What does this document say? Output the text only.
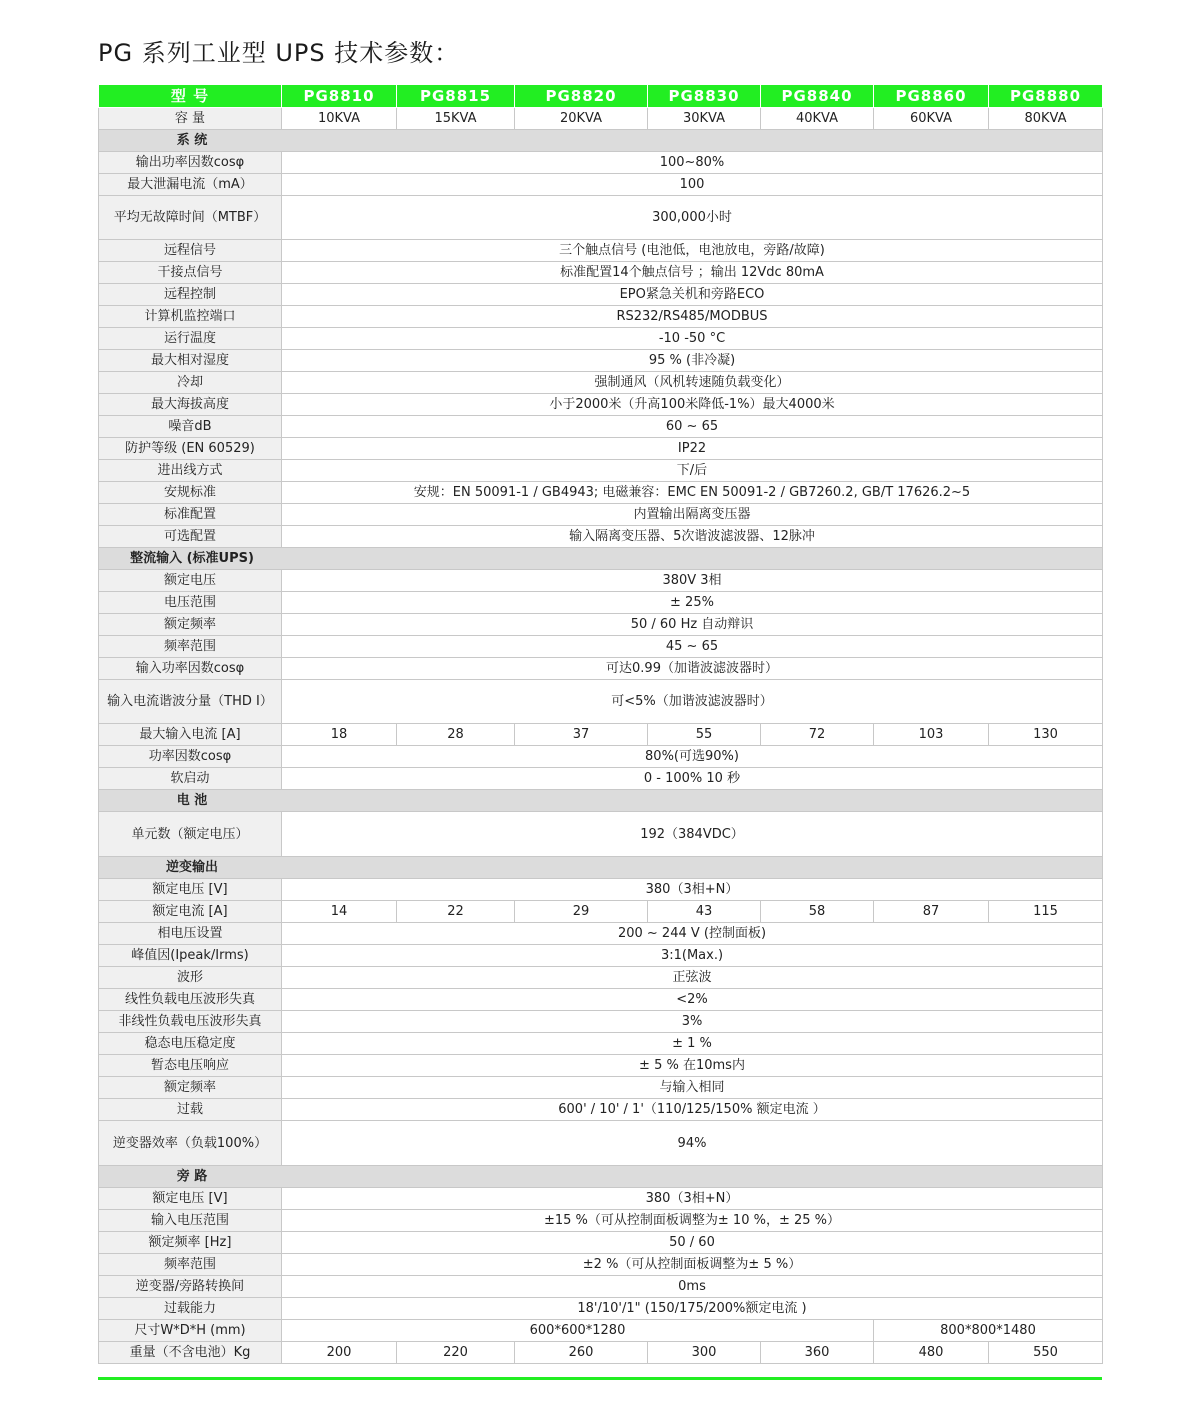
PG 系列工业型 UPS 技术参数：
型 号	PG8810	PG8815	PG8820	PG8830	PG8840	PG8860	PG8880
容 量	10KVA	15KVA	20KVA	30KVA	40KVA	60KVA	80KVA
系 统							
输出功率因数cosφ	100~80%						
最大泄漏电流（mA）	100						
平均无故障时间（MTBF）	300,000小时						
远程信号	三个触点信号 (电池低，电池放电，旁路/故障)						
干接点信号	标准配置14个触点信号 ；输出 12Vdc 80mA						
远程控制	EPO紧急关机和旁路ECO						
计算机监控端口	RS232/RS485/MODBUS						
运行温度	-10 -50 °C						
最大相对湿度	95 % (非冷凝)						
冷却	强制通风（风机转速随负载变化）						
最大海拔高度	小于2000米（升高100米降低-1%）最大4000米						
噪音dB	60 ~ 65						
防护等级 (EN 60529)	IP22						
进出线方式	下/后						
安规标准	安规：EN 50091-1 / GB4943; 电磁兼容：EMC EN 50091-2 / GB7260.2, GB/T 17626.2~5						
标准配置	内置输出隔离变压器						
可选配置	输入隔离变压器、5次谐波滤波器、12脉冲						
整流输入 (标准UPS)							
额定电压	380V 3相						
电压范围	± 25%						
额定频率	50 / 60 Hz 自动辩识						
频率范围	45 ~ 65						
输入功率因数cosφ	可达0.99（加谐波滤波器时）						
输入电流谐波分量（THD I）	可<5%（加谐波滤波器时）						
最大输入电流 [A]	18	28	37	55	72	103	130
功率因数cosφ	80%(可选90%)						
软启动	0 - 100% 10 秒						
电 池							
单元数（额定电压）	192（384VDC）						
逆变输出							
额定电压 [V]	380（3相+N）						
额定电流 [A]	14	22	29	43	58	87	115
相电压设置	200 ~ 244 V (控制面板)						
峰值因(Ipeak/Irms)	3:1(Max.)						
波形	正弦波						
线性负载电压波形失真	<2%						
非线性负载电压波形失真	3%						
稳态电压稳定度	± 1 %						
暂态电压响应	± 5 % 在10ms内						
额定频率	与输入相同						
过载	600' / 10' / 1'（110/125/150% 额定电流 ）						
逆变器效率（负载100%）	94%						
旁 路							
额定电压 [V]	380（3相+N）						
输入电压范围	±15 %（可从控制面板调整为± 10 %，± 25 %）						
额定频率 [Hz]	50 / 60						
频率范围	±2 %（可从控制面板调整为± 5 %）						
逆变器/旁路转换间	0ms						
过载能力	18'/10'/1" (150/175/200%额定电流 )						
尺寸W*D*H (mm)	600*600*1280					800*800*1480	
重量（不含电池）Kg	200	220	260	300	360	480	550
